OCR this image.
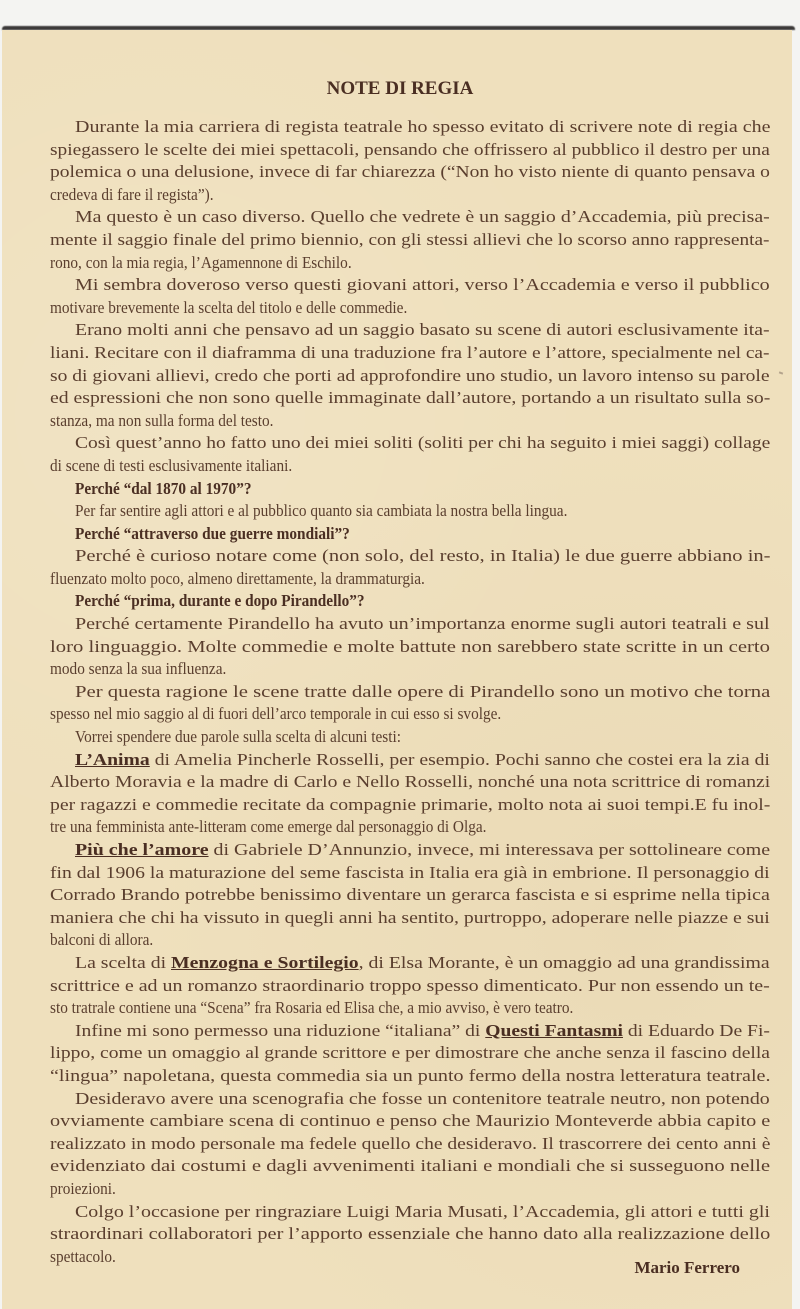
NOTE DI REGIA
Durante la mia carriera di regista teatrale ho spesso evitato di scrivere note di regia che
spiegassero le scelte dei miei spettacoli, pensando che offrissero al pubblico il destro per una
polemica o una delusione, invece di far chiarezza (“Non ho visto niente di quanto pensava o
credeva di fare il regista”).
Ma questo è un caso diverso. Quello che vedrete è un saggio d’Accademia, più precisa-
mente il saggio finale del primo biennio, con gli stessi allievi che lo scorso anno rappresenta-
rono, con la mia regia, l’Agamennone di Eschilo.
Mi sembra doveroso verso questi giovani attori, verso l’Accademia e verso il pubblico
motivare brevemente la scelta del titolo e delle commedie.
Erano molti anni che pensavo ad un saggio basato su scene di autori esclusivamente ita-
liani. Recitare con il diaframma di una traduzione fra l’autore e l’attore, specialmente nel ca-
so di giovani allievi, credo che porti ad approfondire uno studio, un lavoro intenso su parole
ed espressioni che non sono quelle immaginate dall’autore, portando a un risultato sulla so-
stanza, ma non sulla forma del testo.
Così quest’anno ho fatto uno dei miei soliti (soliti per chi ha seguito i miei saggi) collage
di scene di testi esclusivamente italiani.
Perché “dal 1870 al 1970”?
Per far sentire agli attori e al pubblico quanto sia cambiata la nostra bella lingua.
Perché “attraverso due guerre mondiali”?
Perché è curioso notare come (non solo, del resto, in Italia) le due guerre abbiano in-
fluenzato molto poco, almeno direttamente, la drammaturgia.
Perché “prima, durante e dopo Pirandello”?
Perché certamente Pirandello ha avuto un’importanza enorme sugli autori teatrali e sul
loro linguaggio. Molte commedie e molte battute non sarebbero state scritte in un certo
modo senza la sua influenza.
Per questa ragione le scene tratte dalle opere di Pirandello sono un motivo che torna
spesso nel mio saggio al di fuori dell’arco temporale in cui esso si svolge.
Vorrei spendere due parole sulla scelta di alcuni testi:
L’Anima di Amelia Pincherle Rosselli, per esempio. Pochi sanno che costei era la zia di
Alberto Moravia e la madre di Carlo e Nello Rosselli, nonché una nota scrittrice di romanzi
per ragazzi e commedie recitate da compagnie primarie, molto nota ai suoi tempi.E fu inol-
tre una femminista ante-litteram come emerge dal personaggio di Olga.
Più che l’amore di Gabriele D’Annunzio, invece, mi interessava per sottolineare come
fin dal 1906 la maturazione del seme fascista in Italia era già in embrione. Il personaggio di
Corrado Brando potrebbe benissimo diventare un gerarca fascista e si esprime nella tipica
maniera che chi ha vissuto in quegli anni ha sentito, purtroppo, adoperare nelle piazze e sui
balconi di allora.
La scelta di Menzogna e Sortilegio, di Elsa Morante, è un omaggio ad una grandissima
scrittrice e ad un romanzo straordinario troppo spesso dimenticato. Pur non essendo un te-
sto tratrale contiene una “Scena” fra Rosaria ed Elisa che, a mio avviso, è vero teatro.
Infine mi sono permesso una riduzione “italiana” di Questi Fantasmi di Eduardo De Fi-
lippo, come un omaggio al grande scrittore e per dimostrare che anche senza il fascino della
“lingua” napoletana, questa commedia sia un punto fermo della nostra letteratura teatrale.
Desideravo avere una scenografia che fosse un contenitore teatrale neutro, non potendo
ovviamente cambiare scena di continuo e penso che Maurizio Monteverde abbia capito e
realizzato in modo personale ma fedele quello che desideravo. Il trascorrere dei cento anni è
evidenziato dai costumi e dagli avvenimenti italiani e mondiali che si susseguono nelle
proiezioni.
Colgo l’occasione per ringraziare Luigi Maria Musati, l’Accademia, gli attori e tutti gli
straordinari collaboratori per l’apporto essenziale che hanno dato alla realizzazione dello
spettacolo.
Mario Ferrero
